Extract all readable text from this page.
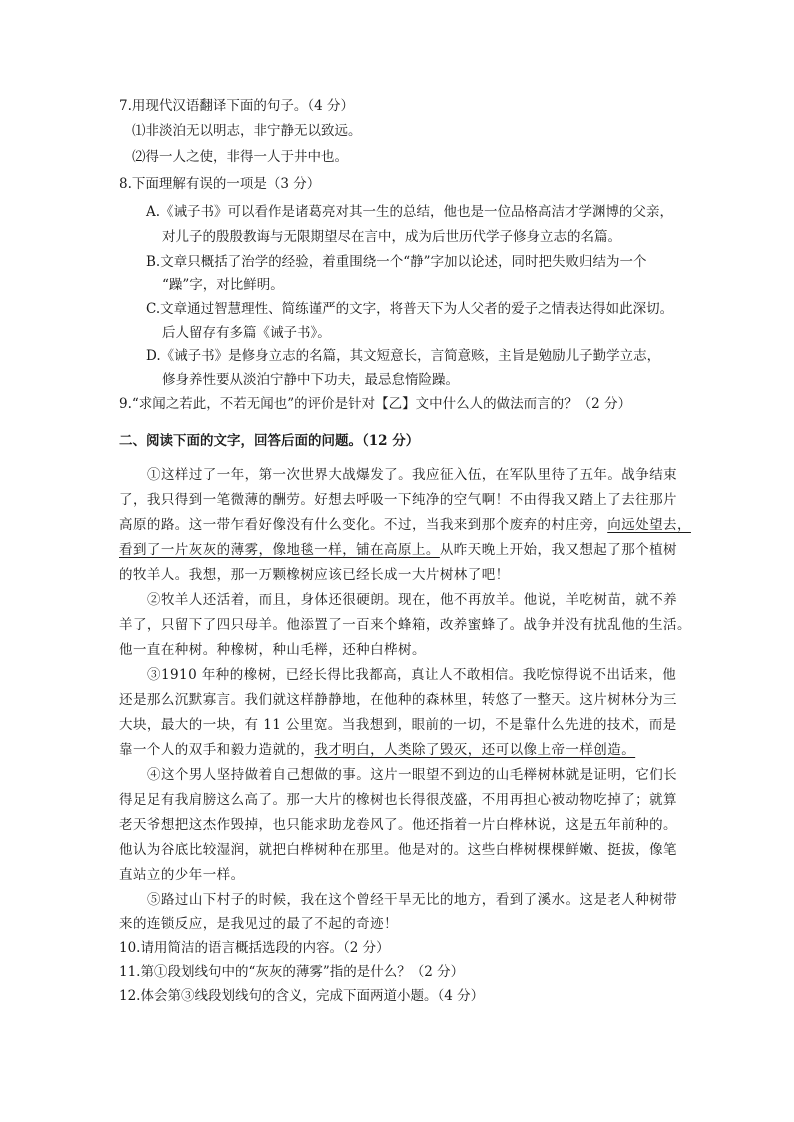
7.用现代汉语翻译下面的句子。（4 分）
⑴非淡泊无以明志，非宁静无以致远。
⑵得一人之使，非得一人于井中也。
8.下面理解有误的一项是（3 分）
A.《诫子书》可以看作是诸葛亮对其一生的总结，他也是一位品格高洁才学渊博的父亲，
对儿子的殷殷教诲与无限期望尽在言中，成为后世历代学子修身立志的名篇。
B.文章只概括了治学的经验，着重围绕一个“静”字加以论述，同时把失败归结为一个
“躁”字，对比鲜明。
C.文章通过智慧理性、简练谨严的文字，将普天下为人父者的爱子之情表达得如此深切。
后人留存有多篇《诫子书》。
D.《诫子书》是修身立志的名篇，其文短意长，言简意赅，主旨是勉励儿子勤学立志，
修身养性要从淡泊宁静中下功夫，最忌怠惰险躁。
9.“求闻之若此，不若无闻也”的评价是针对【乙】文中什么人的做法而言的？（2 分）
二、阅读下面的文字，回答后面的问题。（12 分）
①这样过了一年，第一次世界大战爆发了。我应征入伍，在军队里待了五年。战争结束
了，我只得到一笔微薄的酬劳。好想去呼吸一下纯净的空气啊！不由得我又踏上了去往那片
高原的路。这一带乍看好像没有什么变化。不过，当我来到那个废弃的村庄旁，向远处望去，
看到了一片灰灰的薄雾，像地毯一样，铺在高原上。从昨天晚上开始，我又想起了那个植树
的牧羊人。我想，那一万颗橡树应该已经长成一大片树林了吧！
②牧羊人还活着，而且，身体还很硬朗。现在，他不再放羊。他说，羊吃树苗，就不养
羊了，只留下了四只母羊。他添置了一百来个蜂箱，改养蜜蜂了。战争并没有扰乱他的生活。
他一直在种树。种橡树，种山毛榉，还种白桦树。
③1910 年种的橡树，已经长得比我都高，真让人不敢相信。我吃惊得说不出话来，他
还是那么沉默寡言。我们就这样静静地，在他种的森林里，转悠了一整天。这片树林分为三
大块，最大的一块，有 11 公里宽。当我想到，眼前的一切，不是靠什么先进的技术，而是
靠一个人的双手和毅力造就的，我才明白，人类除了毁灭，还可以像上帝一样创造。
④这个男人坚持做着自己想做的事。这片一眼望不到边的山毛榉树林就是证明，它们长
得足足有我肩膀这么高了。那一大片的橡树也长得很茂盛，不用再担心被动物吃掉了；就算
老天爷想把这杰作毁掉，也只能求助龙卷风了。他还指着一片白桦林说，这是五年前种的。
他认为谷底比较湿润，就把白桦树种在那里。他是对的。这些白桦树棵棵鲜嫩、挺拔，像笔
直站立的少年一样。
⑤路过山下村子的时候，我在这个曾经干旱无比的地方，看到了溪水。这是老人种树带
来的连锁反应，是我见过的最了不起的奇迹！
10.请用简洁的语言概括选段的内容。（2 分）
11.第①段划线句中的“灰灰的薄雾”指的是什么？（2 分）
12.体会第③线段划线句的含义，完成下面两道小题。（4 分）
